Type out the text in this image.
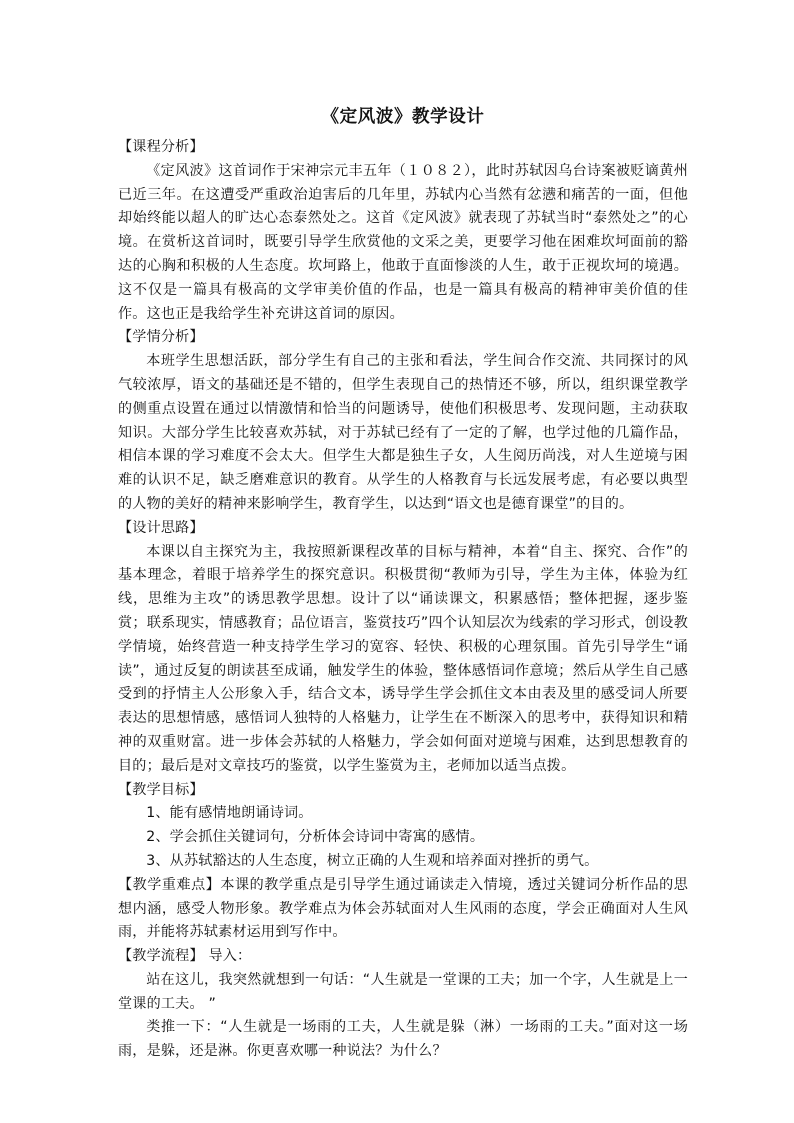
《定风波》教学设计
【课程分析】

《定风波》这首词作于宋神宗元丰五年（１０８２），此时苏轼因乌台诗案被贬谪黄州已近三年。在这遭受严重政治迫害后的几年里，苏轼内心当然有忿懑和痛苦的一面，但他却始终能以超人的旷达心态泰然处之。这首《定风波》就表现了苏轼当时“泰然处之”的心境。在赏析这首词时，既要引导学生欣赏他的文采之美，更要学习他在困难坎坷面前的豁达的心胸和积极的人生态度。坎坷路上，他敢于直面惨淡的人生，敢于正视坎坷的境遇。这不仅是一篇具有极高的文学审美价值的作品，也是一篇具有极高的精神审美价值的佳作。这也正是我给学生补充讲这首词的原因。

【学情分析】

本班学生思想活跃，部分学生有自己的主张和看法，学生间合作交流、共同探讨的风气较浓厚，语文的基础还是不错的，但学生表现自己的热情还不够，所以，组织课堂教学的侧重点设置在通过以情激情和恰当的问题诱导，使他们积极思考、发现问题，主动获取知识。大部分学生比较喜欢苏轼，对于苏轼已经有了一定的了解，也学过他的几篇作品，相信本课的学习难度不会太大。但学生大都是独生子女，人生阅历尚浅，对人生逆境与困难的认识不足，缺乏磨难意识的教育。从学生的人格教育与长远发展考虑，有必要以典型的人物的美好的精神来影响学生，教育学生，以达到“语文也是德育课堂”的目的。

【设计思路】

本课以自主探究为主，我按照新课程改革的目标与精神，本着“自主、探究、合作”的基本理念，着眼于培养学生的探究意识。积极贯彻“教师为引导，学生为主体，体验为红线，思维为主攻”的诱思教学思想。设计了以“诵读课文，积累感悟；整体把握，逐步鉴赏；联系现实，情感教育；品位语言，鉴赏技巧”四个认知层次为线索的学习形式，创设教学情境，始终营造一种支持学生学习的宽容、轻快、积极的心理氛围。首先引导学生“诵读”，通过反复的朗读甚至成诵，触发学生的体验，整体感悟词作意境；然后从学生自己感受到的抒情主人公形象入手，结合文本，诱导学生学会抓住文本由表及里的感受词人所要表达的思想情感，感悟词人独特的人格魅力，让学生在不断深入的思考中，获得知识和精神的双重财富。进一步体会苏轼的人格魅力，学会如何面对逆境与困难，达到思想教育的目的；最后是对文章技巧的鉴赏，以学生鉴赏为主，老师加以适当点拨。

【教学目标】

1、能有感情地朗诵诗词。

2、学会抓住关键词句，分析体会诗词中寄寓的感情。

3、从苏轼豁达的人生态度，树立正确的人生观和培养面对挫折的勇气。

【教学重难点】本课的教学重点是引导学生通过诵读走入情境，透过关键词分析作品的思想内涵，感受人物形象。教学难点为体会苏轼面对人生风雨的态度，学会正确面对人生风雨，并能将苏轼素材运用到写作中。

【教学流程】 导入：

站在这儿，我突然就想到一句话：“人生就是一堂课的工夫；加一个字，人生就是上一堂课的工夫。 ”

类推一下：“人生就是一场雨的工夫，人生就是躲（淋）一场雨的工夫。”面对这一场雨，是躲，还是淋。你更喜欢哪一种说法？为什么？
